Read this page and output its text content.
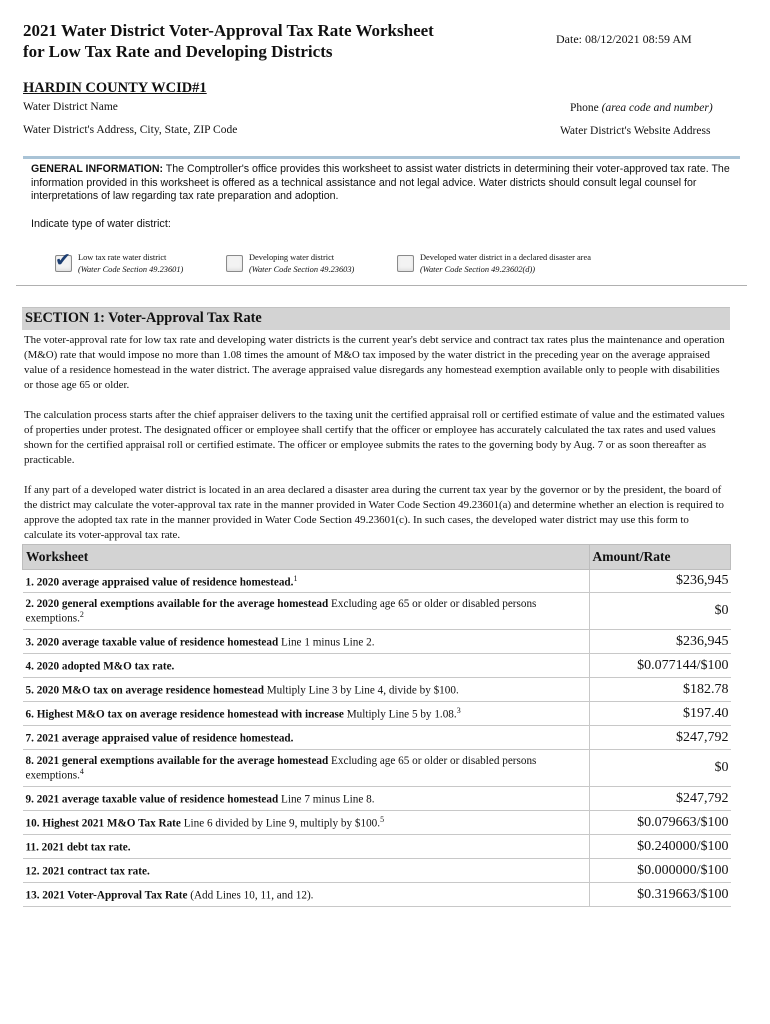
2021 Water District Voter-Approval Tax Rate Worksheet
for Low Tax Rate and Developing Districts
Date: 08/12/2021 08:59 AM
HARDIN COUNTY WCID#1
Water District Name	Phone (area code and number)
Water District's Address, City, State, ZIP Code	Water District's Website Address
GENERAL INFORMATION: The Comptroller's office provides this worksheet to assist water districts in determining their voter-approved tax rate. The information provided in this worksheet is offered as a technical assistance and not legal advice. Water districts should consult legal counsel for interpretations of law regarding tax rate preparation and adoption.
Indicate type of water district:
✔ Low tax rate water district
(Water Code Section 49.23601)
Developing water district
(Water Code Section 49.23603)
Developed water district in a declared disaster area
(Water Code Section 49.23602(d))
SECTION 1: Voter-Approval Tax Rate
The voter-approval rate for low tax rate and developing water districts is the current year's debt service and contract tax rates plus the maintenance and operation (M&O) rate that would impose no more than 1.08 times the amount of M&O tax imposed by the water district in the preceding year on the average appraised value of a residence homestead in the water district. The average appraised value disregards any homestead exemption available only to people with disabilities or those age 65 or older.
The calculation process starts after the chief appraiser delivers to the taxing unit the certified appraisal roll or certified estimate of value and the estimated values of properties under protest. The designated officer or employee shall certify that the officer or employee has accurately calculated the tax rates and used values shown for the certified appraisal roll or certified estimate. The officer or employee submits the rates to the governing body by Aug. 7 or as soon thereafter as practicable.
If any part of a developed water district is located in an area declared a disaster area during the current tax year by the governor or by the president, the board of the district may calculate the voter-approval tax rate in the manner provided in Water Code Section 49.23601(a) and determine whether an election is required to approve the adopted tax rate in the manner provided in Water Code Section 49.23601(c). In such cases, the developed water district may use this form to calculate its voter-approval tax rate.
Worksheet	Amount/Rate
1. 2020 average appraised value of residence homestead.$^1$	$236,945
2. 2020 general exemptions available for the average homestead Excluding age 65 or older or disabled persons exemptions.$^2$	$0
3. 2020 average taxable value of residence homestead Line 1 minus Line 2.	$236,945
4. 2020 adopted M&O tax rate.	$0.077144/$100
5. 2020 M&O tax on average residence homestead Multiply Line 3 by Line 4, divide by $100.	$182.78
6. Highest M&O tax on average residence homestead with increase Multiply Line 5 by 1.08.$^3$	$197.40
7. 2021 average appraised value of residence homestead.	$247,792
8. 2021 general exemptions available for the average homestead Excluding age 65 or older or disabled persons exemptions.$^4$	$0
9. 2021 average taxable value of residence homestead Line 7 minus Line 8.	$247,792
10. Highest 2021 M&O Tax Rate Line 6 divided by Line 9, multiply by $100.$^5$	$0.079663/$100
11. 2021 debt tax rate.	$0.240000/$100
12. 2021 contract tax rate.	$0.000000/$100
13. 2021 Voter-Approval Tax Rate (Add Lines 10, 11, and 12).	$0.319663/$100
